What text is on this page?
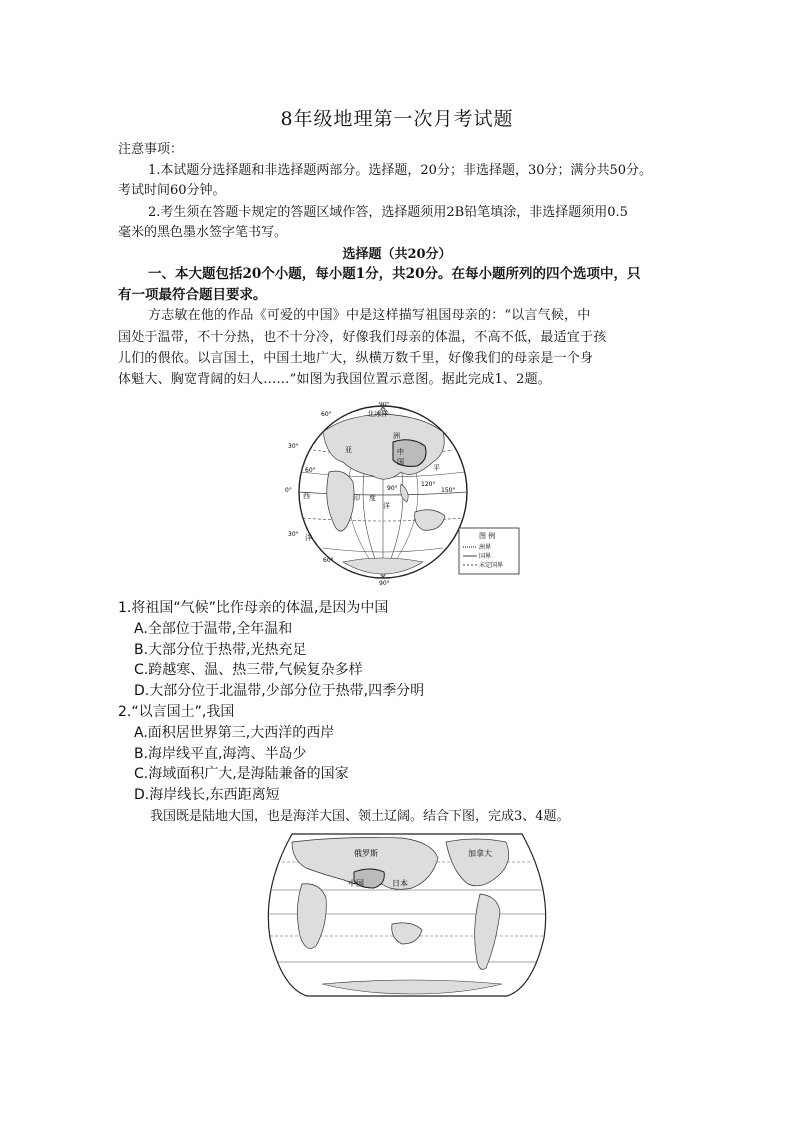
8年级地理第一次月考试题
注意事项：
1.本试题分选择题和非选择题两部分。选择题，20分；非选择题，30分；满分共50分。
考试时间60分钟。
2.考生须在答题卡规定的答题区域作答，选择题须用2B铅笔填涂，非选择题须用0.5
毫米的黑色墨水签字笔书写。
选择题（共20分）
一、本大题包括20个小题，每小题1分，共20分。在每小题所列的四个选项中，只
有一项最符合题目要求。
方志敏在他的作品《可爱的中国》中是这样描写祖国母亲的：“以言气候，中
国处于温带，不十分热，也不十分冷，好像我们母亲的体温，不高不低，最适宜于孩
儿们的偎依。以言国土，中国土地广大，纵横万数千里，好像我们的母亲是一个身
体魁大、胸宽背阔的妇人……”如图为我国位置示意图。据此完成1、2题。
90°
60°
30°
0°
30°
60°
90°
60°
90°
120°
150°
北冰洋
洲
亚	中
国
印 度
洋
西
平
洋	图 例
洲界
国界
未定国界
1.将祖国“气候”比作母亲的体温,是因为中国
A.全部位于温带,全年温和
B.大部分位于热带,光热充足
C.跨越寒、温、热三带,气候复杂多样
D.大部分位于北温带,少部分位于热带,四季分明
2.“以言国土”,我国
A.面积居世界第三,大西洋的西岸
B.海岸线平直,海湾、半岛少
C.海域面积广大,是海陆兼备的国家
D.海岸线长,东西距离短
我国既是陆地大国，也是海洋大国、领土辽阔。结合下图，完成3、4题。
俄罗斯	加拿大
中国	日本
